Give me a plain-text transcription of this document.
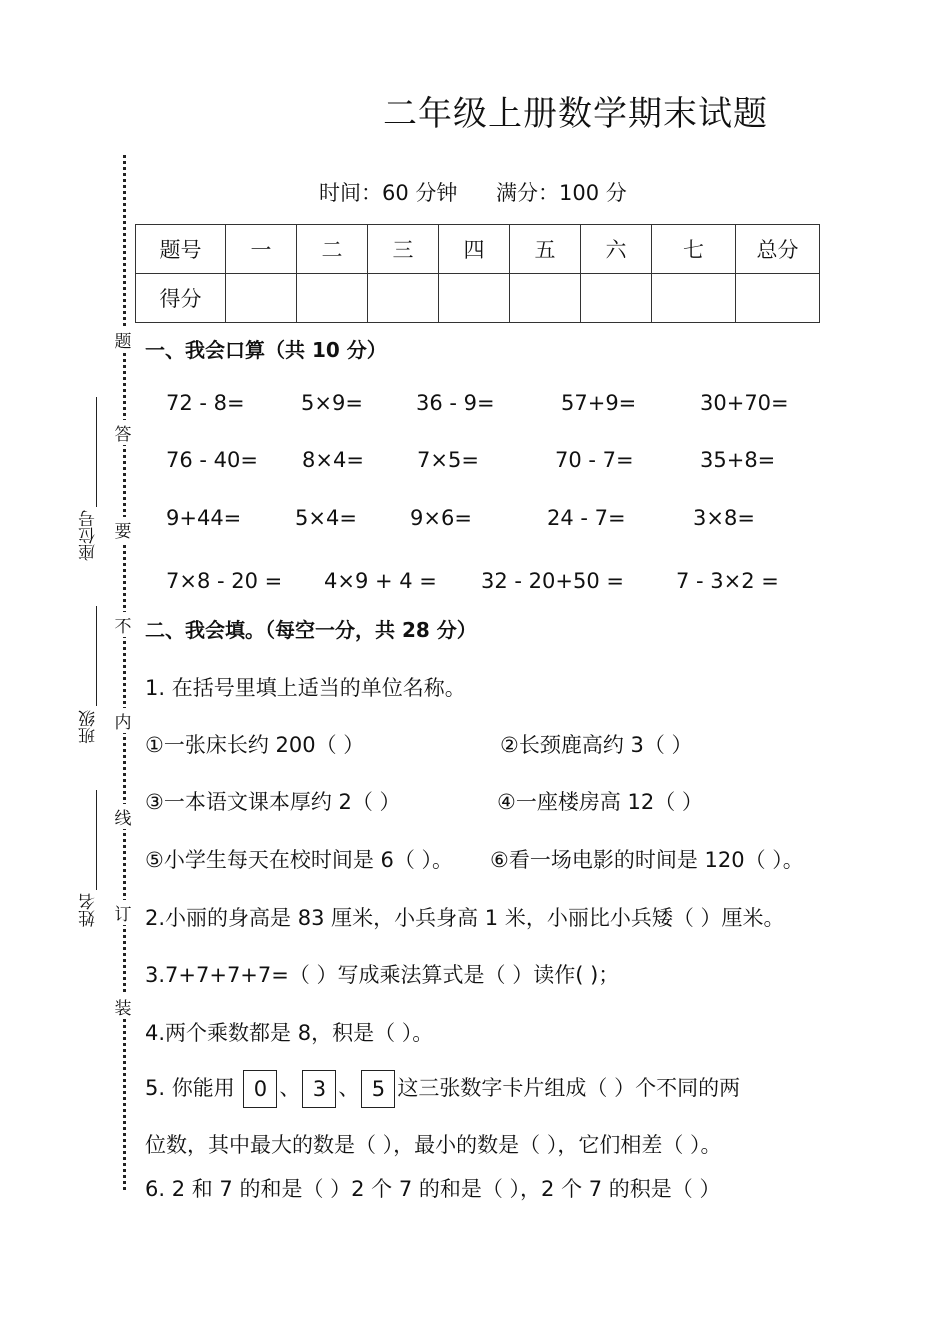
二年级上册数学期末试题
时间：60 分钟 满分：100 分
题
答
要
不
内
线
订
装
座位号
班级
姓名
题号	一	二	三	四	五	六	七	总分
得分								
一、我会口算（共 10 分）
72 - 8=	5×9=	36 - 9=	57+9=	30+70=
76 - 40= 8×4=	7×5=	70 - 7=	35+8=
9+44=	5×4=	9×6=	24 - 7=	3×8=
7×8 - 20 = 4×9 + 4 = 32 - 20+50 = 7 - 3×2 =
二、我会填。（每空一分，共 28 分）
1. 在括号里填上适当的单位名称。
①一张床长约 200（ ）	②长颈鹿高约 3（ ）
③一本语文课本厚约 2（ ）	④一座楼房高 12（ ）
⑤小学生每天在校时间是 6（ ）。 ⑥看一场电影的时间是 120（ ）。
2.小丽的身高是 83 厘米，小兵身高 1 米，小丽比小兵矮（ ）厘米。
3.7+7+7+7=（ ）写成乘法算式是（ ）读作( )；
4.两个乘数都是 8，积是（ ）。
5. 你能用 0 、 3 、 5 这三张数字卡片组成（ ）个不同的两
位数，其中最大的数是（ ），最小的数是（ ），它们相差（ ）。
6. 2 和 7 的和是（ ）2 个 7 的和是（ ），2 个 7 的积是（ ）
